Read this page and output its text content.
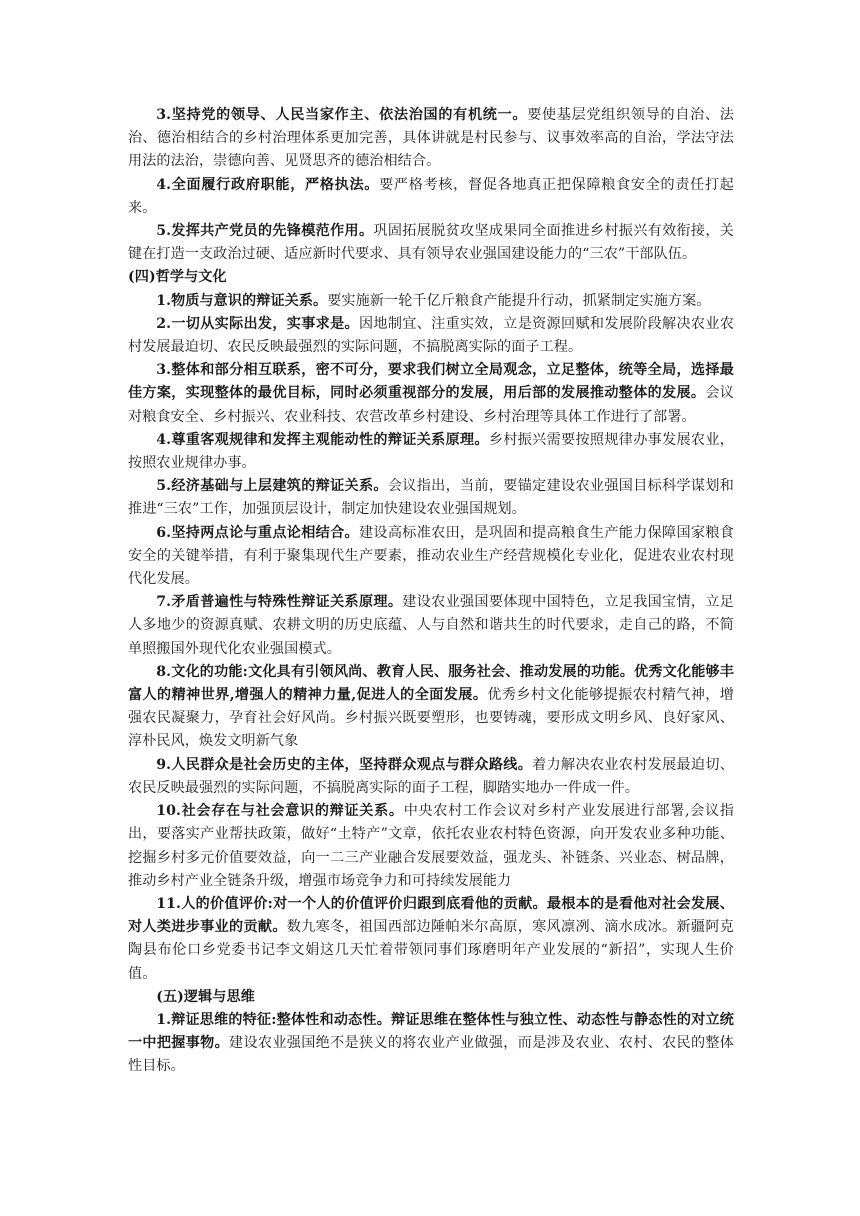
3.坚持党的领导、人民当家作主、依法治国的有机统一。要使基层党组织领导的自治、法治、德治相结合的乡村治理体系更加完善，具体讲就是村民参与、议事效率高的自治，学法守法用法的法治，崇德向善、见贤思齐的德治相结合。

4.全面履行政府职能，严格执法。要严格考核，督促各地真正把保障粮食安全的责任打起来。

5.发挥共产党员的先锋模范作用。巩固拓展脱贫攻坚成果同全面推进乡村振兴有效衔接，关键在打造一支政治过硬、适应新时代要求、具有领导农业强国建设能力的“三农”干部队伍。

(四)哲学与文化

1.物质与意识的辩证关系。要实施新一轮千亿斤粮食产能提升行动，抓紧制定实施方案。

2.一切从实际出发，实事求是。因地制宜、注重实效，立是资源回赋和发展阶段解决农业农村发展最迫切、农民反映最强烈的实际问题，不搞脱离实际的面子工程。

3.整体和部分相互联系，密不可分，要求我们树立全局观念，立足整体，统等全局，选择最佳方案，实现整体的最优目标，同时必须重视部分的发展，用后部的发展推动整体的发展。会议对粮食安全、乡村振兴、农业科技、农营改革乡村建设、乡村治理等具体工作进行了部署。

4.尊重客观规律和发挥主观能动性的辩证关系原理。乡村振兴需要按照规律办事发展农业，按照农业规律办事。

5.经济基础与上层建筑的辩证关系。会议指出，当前，要锚定建设农业强国目标科学谋划和推进“三农”工作，加强顶层设计，制定加快建设农业强国规划。

6.坚持两点论与重点论相结合。建设高标准农田，是巩固和提高粮食生产能力保障国家粮食安全的关键举措，有利于聚集现代生产要素，推动农业生产经营规模化专业化，促进农业农村现代化发展。

7.矛盾普遍性与特殊性辩证关系原理。建设农业强国要体现中国特色，立足我国宝情，立足人多地少的资源真赋、农耕文明的历史底蕴、人与自然和谐共生的时代要求，走自己的路，不简单照搬国外现代化农业强国模式。

8.文化的功能:文化具有引领风尚、教育人民、服务社会、推动发展的功能。优秀文化能够丰富人的精神世界,增强人的精神力量,促进人的全面发展。优秀乡村文化能够提振农村精气神，增强农民凝聚力，孕育社会好风尚。乡村振兴既要塑形，也要铸魂，要形成文明乡风、良好家风、淳朴民风，焕发文明新气象

9.人民群众是社会历史的主体，坚持群众观点与群众路线。着力解决农业农村发展最迫切、农民反映最强烈的实际问题，不搞脱离实际的面子工程，脚踏实地办一件成一件。

10.社会存在与社会意识的辩证关系。中央农村工作会议对乡村产业发展进行部署,会议指出，要落实产业帮扶政策，做好“土特产”文章，依托农业农村特色资源，向开发农业多种功能、挖掘乡村多元价值要效益，向一二三产业融合发展要效益，强龙头、补链条、兴业态、树品牌，推动乡村产业全链条升级，增强市场竞争力和可持续发展能力

11.人的价值评价:对一个人的价值评价归跟到底看他的贡献。最根本的是看他对社会发展、对人类进步事业的贡献。数九寒冬，祖国西部边陲帕米尔高原，寒风凛冽、滴水成冰。新疆阿克陶县布伦口乡党委书记李文娟这几天忙着带领同事们琢磨明年产业发展的“新招”，实现人生价值。

(五)逻辑与思维

1.辩证思维的特征:整体性和动态性。辩证思维在整体性与独立性、动态性与静态性的对立统一中把握事物。建设农业强国绝不是狭义的将农业产业做强，而是涉及农业、农村、农民的整体性目标。
